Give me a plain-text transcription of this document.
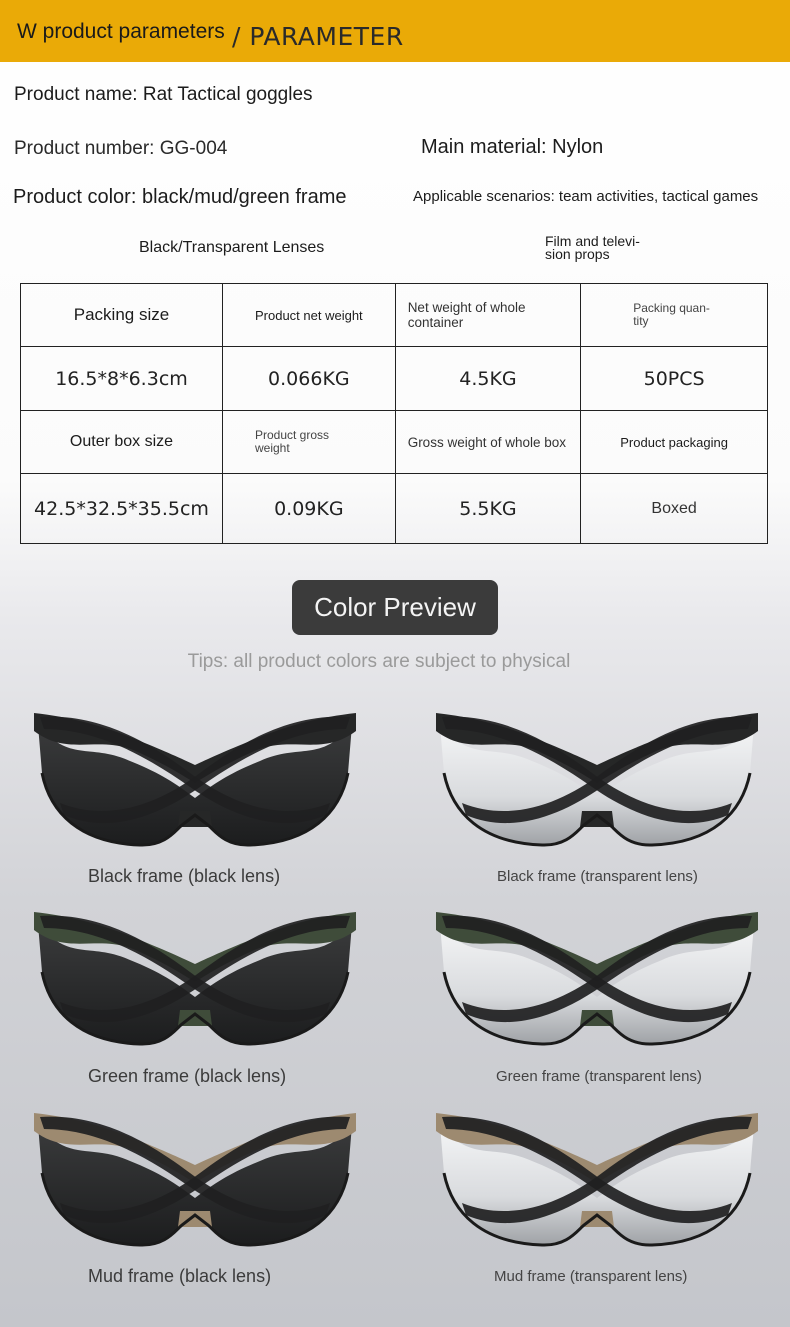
W product parameters / PARAMETER
Product name: Rat Tactical goggles
Product number: GG-004	Main material: Nylon
Product color: black/mud/green frame	Applicable scenarios: team activities, tactical games
Black/Transparent Lenses	Film and televi- sion props
Packing size	Product net weight	Net weight of whole container	Packing quan- tity
16.5*8*6.3cm	0.066KG	4.5KG	50PCS
Outer box size	Product gross weight	Gross weight of whole box	Product packaging
42.5*32.5*35.5cm	0.09KG	5.5KG	Boxed
Color Preview
Tips: all product colors are subject to physical
Black frame (black lens)	Black frame (transparent lens)
Green frame (black lens)	Green frame (transparent lens)
Mud frame (black lens)	Mud frame (transparent lens)
